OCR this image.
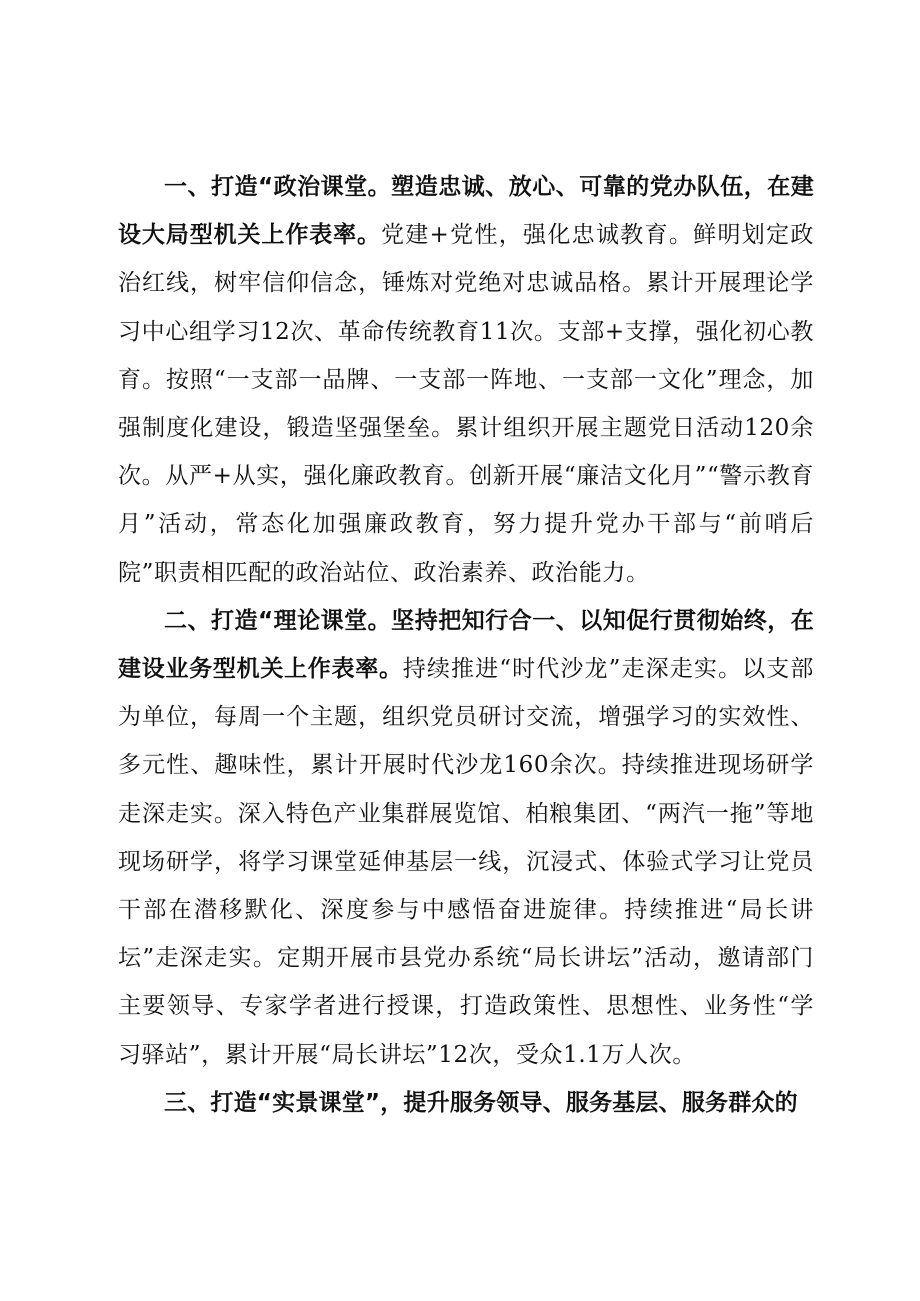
一、打造“政治课堂。塑造忠诚、放心、可靠的党办队伍，在建设大局型机关上作表率。党建+党性，强化忠诚教育。鲜明划定政治红线，树牢信仰信念，锤炼对党绝对忠诚品格。累计开展理论学习中心组学习12次、革命传统教育11次。支部+支撑，强化初心教育。按照“一支部一品牌、一支部一阵地、一支部一文化”理念，加强制度化建设，锻造坚强堡垒。累计组织开展主题党日活动120余次。从严+从实，强化廉政教育。创新开展“廉洁文化月”“警示教育月”活动，常态化加强廉政教育，努力提升党办干部与“前哨后院”职责相匹配的政治站位、政治素养、政治能力。

二、打造“理论课堂。坚持把知行合一、以知促行贯彻始终，在建设业务型机关上作表率。持续推进“时代沙龙”走深走实。以支部为单位，每周一个主题，组织党员研讨交流，增强学习的实效性、多元性、趣味性，累计开展时代沙龙160余次。持续推进现场研学走深走实。深入特色产业集群展览馆、柏粮集团、“两汽一拖”等地现场研学，将学习课堂延伸基层一线，沉浸式、体验式学习让党员干部在潜移默化、深度参与中感悟奋进旋律。持续推进“局长讲坛”走深走实。定期开展市县党办系统“局长讲坛”活动，邀请部门主要领导、专家学者进行授课，打造政策性、思想性、业务性“学习驿站”，累计开展“局长讲坛”12次，受众1.1万人次。

三、打造“实景课堂”，提升服务领导、服务基层、服务群众的
